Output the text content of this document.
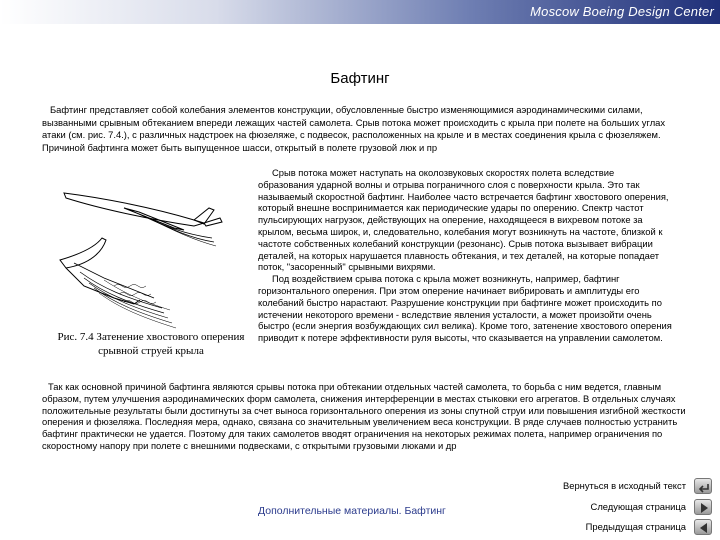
Moscow Boeing Design Center
Бафтинг

Бафтинг представляет собой колебания элементов конструкции, обусловленные быстро изменяющимися аэродинамическими силами, вызванными срывным обтеканием впереди лежащих частей самолета. Срыв потока может происходить с крыла при полете на больших углах атаки (см. рис. 7.4.), с различных надстроек на фюзеляже, с подвесок, расположенных на крыле и в местах соединения крыла с фюзеляжем. Причиной бафтинга может быть выпущенное шасси, открытый в полете грузовой люк и пр

Рис. 7.4 Затенение хвостового оперения срывной струей крыла

Срыв потока может наступать на околозвуковых скоростях полета вследствие образования ударной волны и отрыва пограничного слоя с поверхности крыла. Это так называемый скоростной бафтинг. Наиболее часто встречается бафтинг хвостового оперения, который внешне воспринимается как периодические удары по оперению. Спектр частот пульсирующих нагрузок, действующих на оперение, находящееся в вихревом потоке за крылом, весьма широк, и, следовательно, колебания могут возникнуть на частоте, близкой к частоте собственных колебаний конструкции (резонанс). Срыв потока вызывает вибрации деталей, на которых нарушается плавность обтекания, и тех деталей, на которые попадает поток, "засоренный" срывными вихрями.

Под воздействием срыва потока с крыла может возникнуть, например, бафтинг горизонтального оперения. При этом оперение начинает вибрировать и амплитуды его колебаний быстро нарастают. Разрушение конструкции при бафтинге может происходить по истечении некоторого времени - вследствие явления усталости, а может произойти очень быстро (если энергия возбуждающих сил велика). Кроме того, затенение хвостового оперения приводит к потере эффективности руля высоты, что сказывается на управлении самолетом.

Так как основной причиной бафтинга являются срывы потока при обтекании отдельных частей самолета, то борьба с ним ведется, главным образом, путем улучшения аэродинамических форм самолета, снижения интерференции в местах стыковки его агрегатов. В отдельных случаях положительные результаты были достигнуты за счет выноса горизонтального оперения из зоны спутной струи или повышения изгибной жесткости оперения и фюзеляжа. Последняя мера, однако, связана со значительным увеличением веса конструкции. В ряде случаев полностью устранить бафтинг практически не удается. Поэтому для таких самолетов вводят ограничения на некоторых режимах полета, например ограничения по скоростному напору при полете с внешними подвесками, с открытыми грузовыми люками и др

Вернуться в исходный текст
Дополнительные материалы. Бафтинг	Следующая страница
Предыдущая страница
